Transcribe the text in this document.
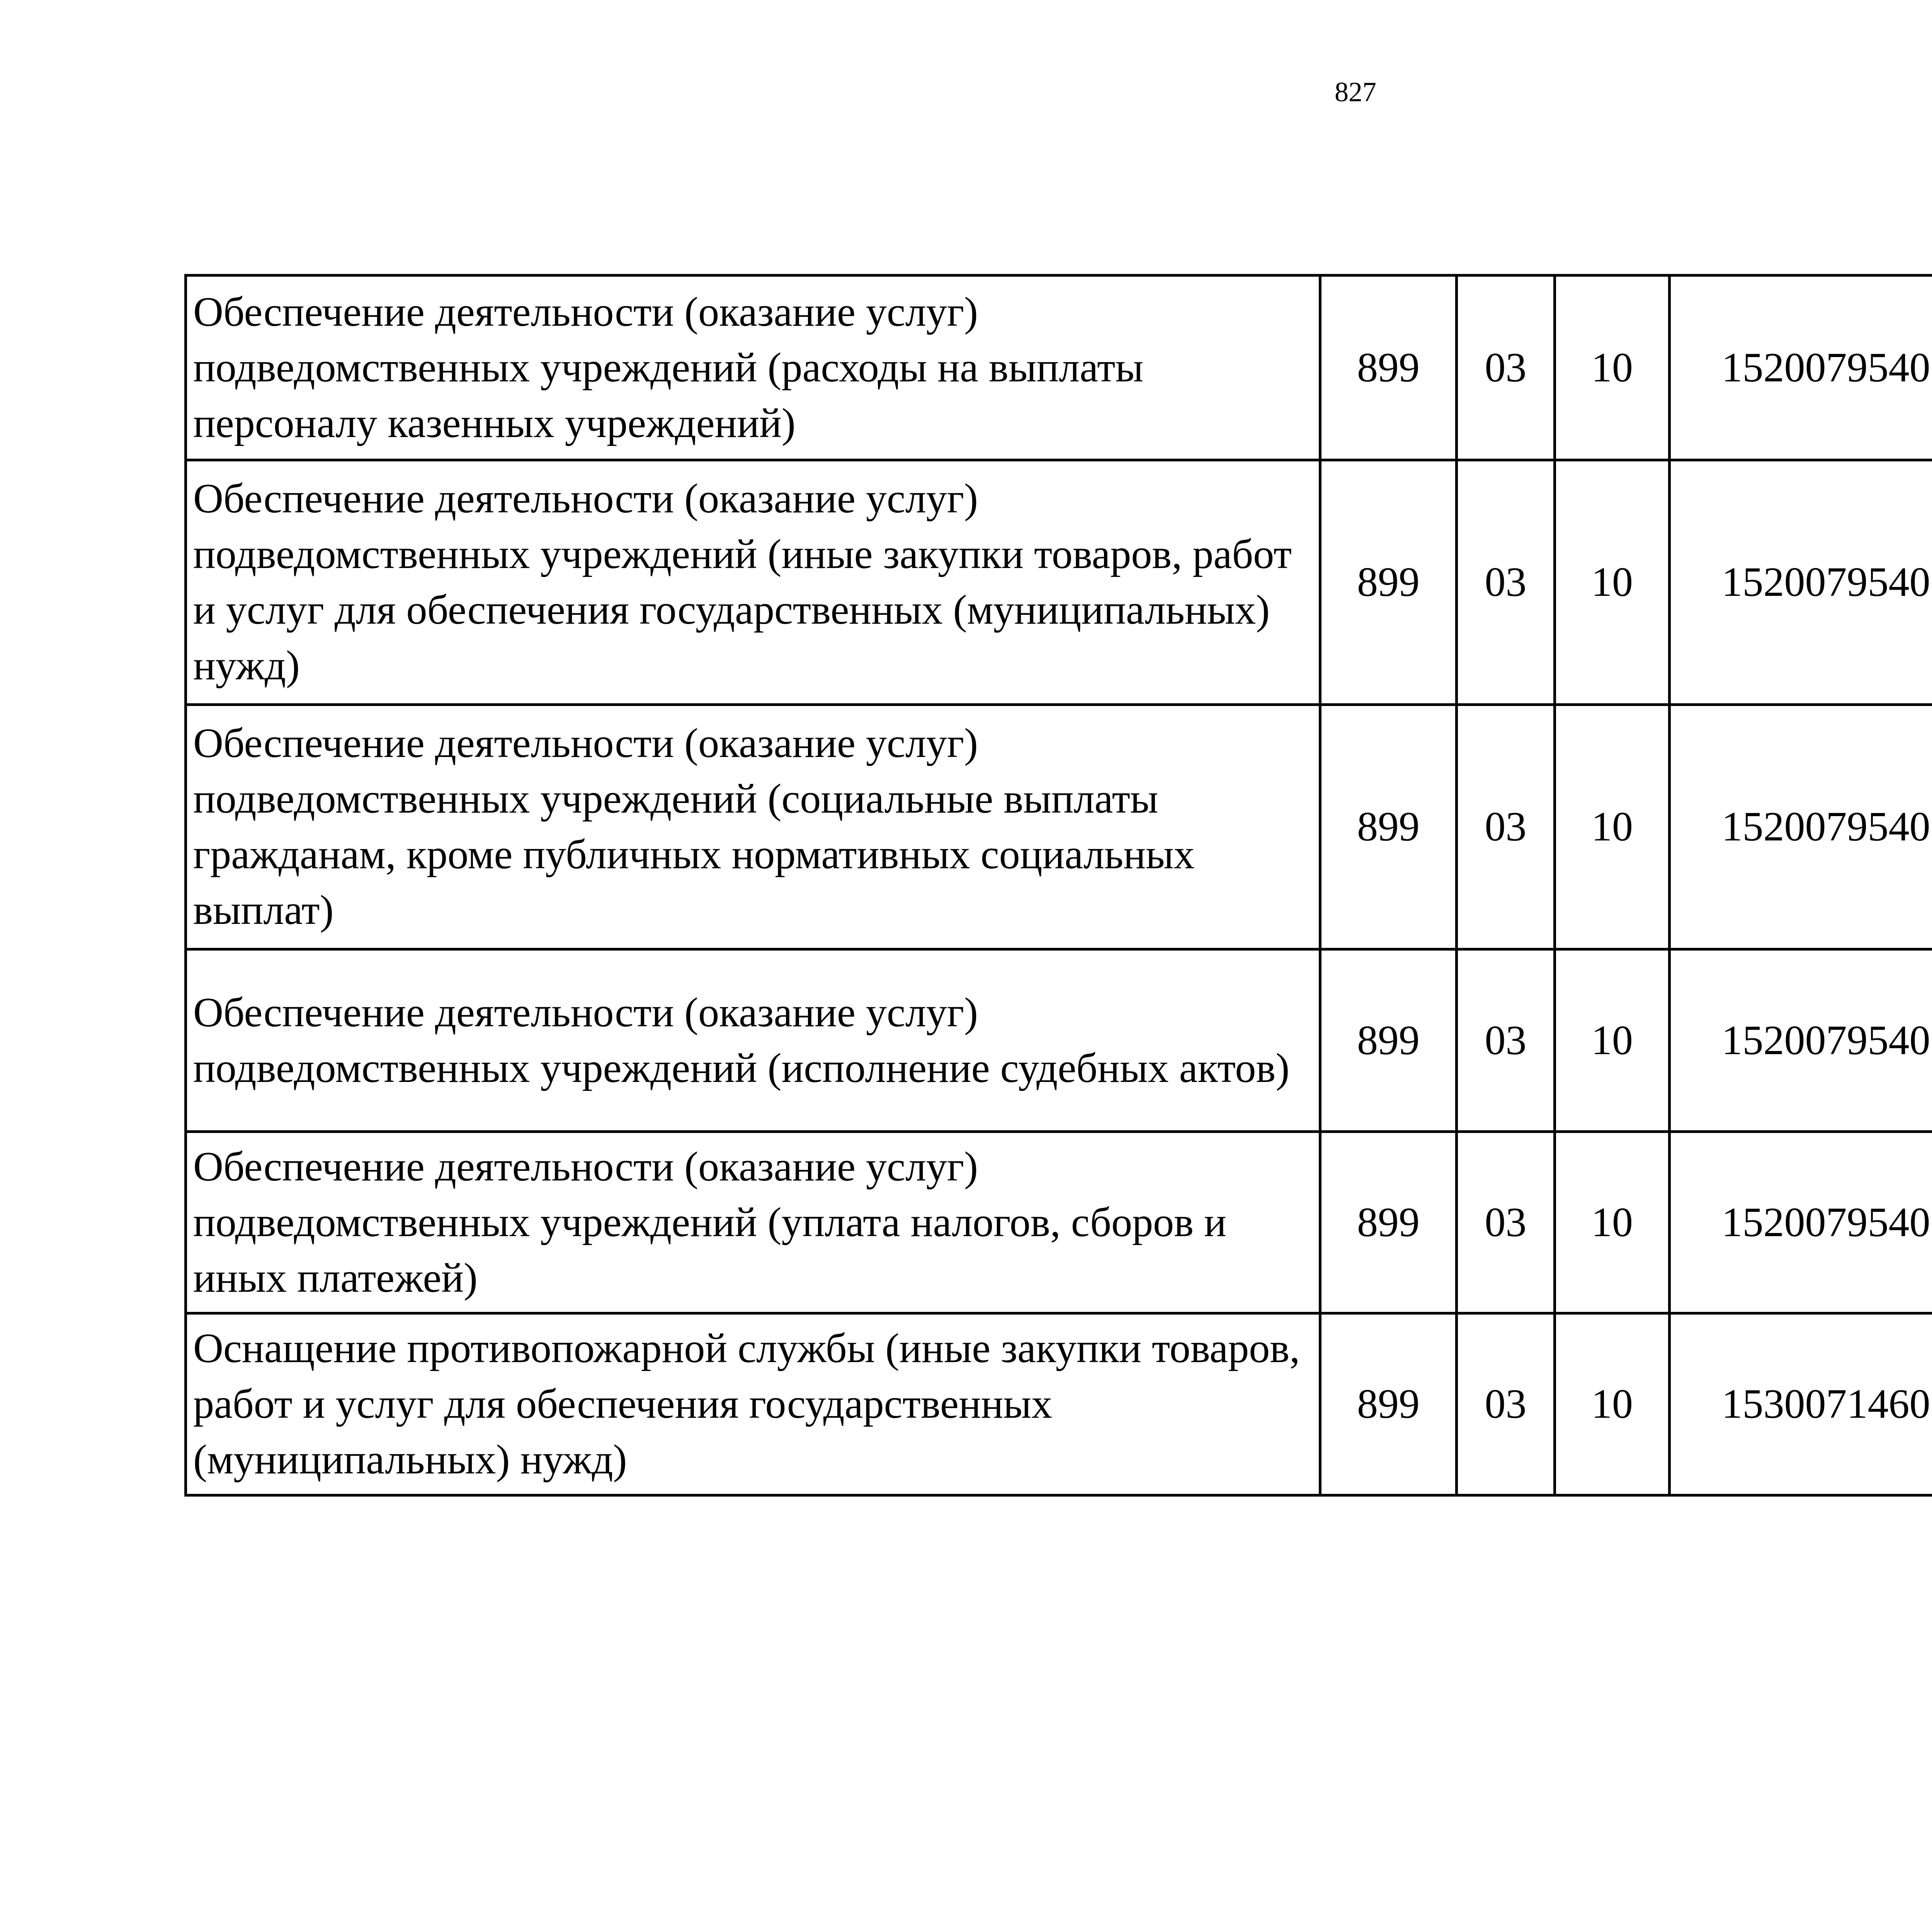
827
Обеспечение деятельности (оказание услуг) подведомственных учреждений (расходы на выплаты персоналу казенных учреждений)	899	03	10	1520079540		
Обеспечение деятельности (оказание услуг) подведомственных учреждений (иные закупки товаров, работ и услуг для обеспечения государственных (муниципальных) нужд)	899	03	10	1520079540		
Обеспечение деятельности (оказание услуг) подведомственных учреждений (социальные выплаты гражданам, кроме публичных нормативных социальных выплат)	899	03	10	1520079540		
Обеспечение деятельности (оказание услуг) подведомственных учреждений (исполнение судебных актов)	899	03	10	1520079540		
Обеспечение деятельности (оказание услуг) подведомственных учреждений (уплата налогов, сборов и иных платежей)	899	03	10	1520079540		
Оснащение противопожарной службы (иные закупки товаров, работ и услуг для обеспечения государственных (муниципальных) нужд)	899	03	10	1530071460		
